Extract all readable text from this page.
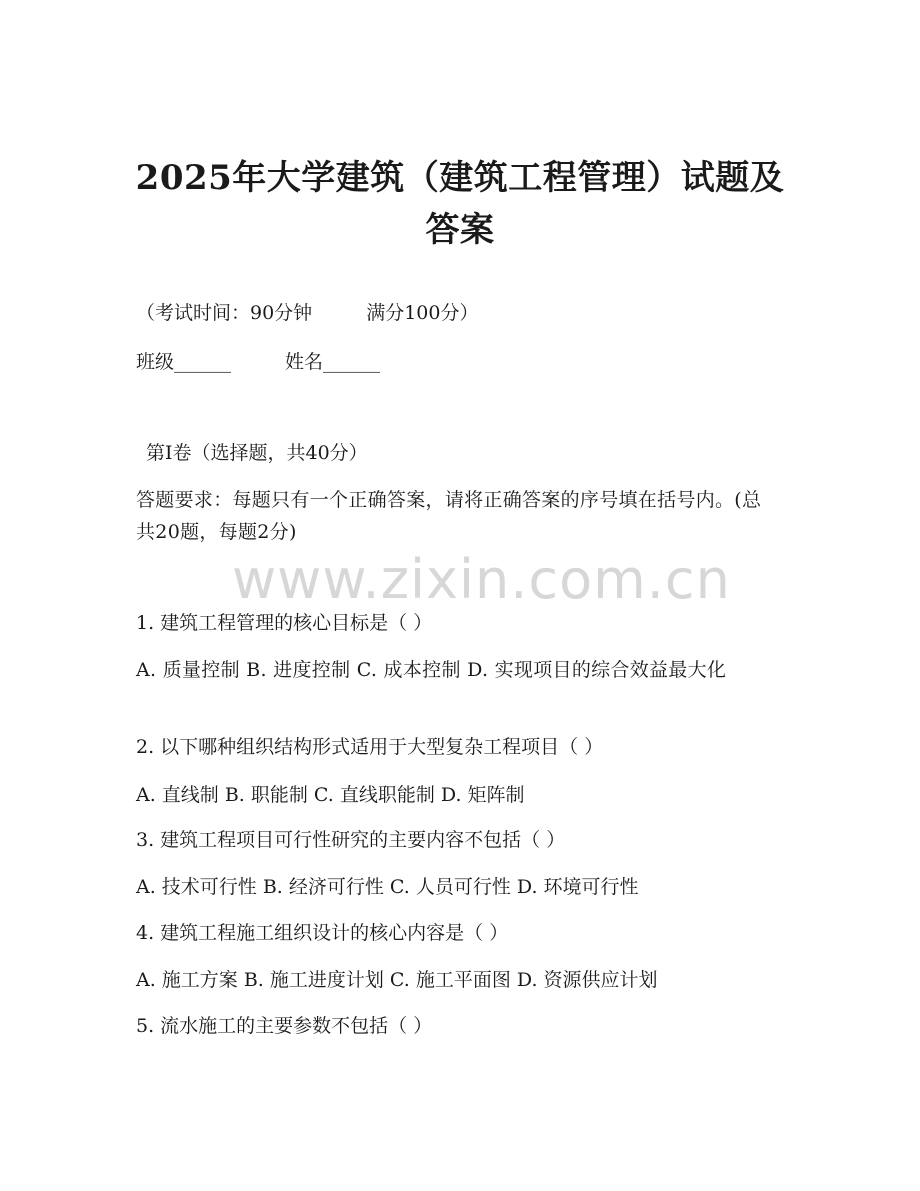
2025年大学建筑（建筑工程管理）试题及答案
（考试时间：90分钟	满分100分）
班级______	姓名______
第I卷（选择题，共40分）
答题要求：每题只有一个正确答案，请将正确答案的序号填在括号内。(总共20题，每题2分)
www.zixin.com.cn
1. 建筑工程管理的核心目标是（ ）
A. 质量控制 B. 进度控制 C. 成本控制 D. 实现项目的综合效益最大化
2. 以下哪种组织结构形式适用于大型复杂工程项目（ ）
A. 直线制 B. 职能制 C. 直线职能制 D. 矩阵制
3. 建筑工程项目可行性研究的主要内容不包括（ ）
A. 技术可行性 B. 经济可行性 C. 人员可行性 D. 环境可行性
4. 建筑工程施工组织设计的核心内容是（ ）
A. 施工方案 B. 施工进度计划 C. 施工平面图 D. 资源供应计划
5. 流水施工的主要参数不包括（ ）
